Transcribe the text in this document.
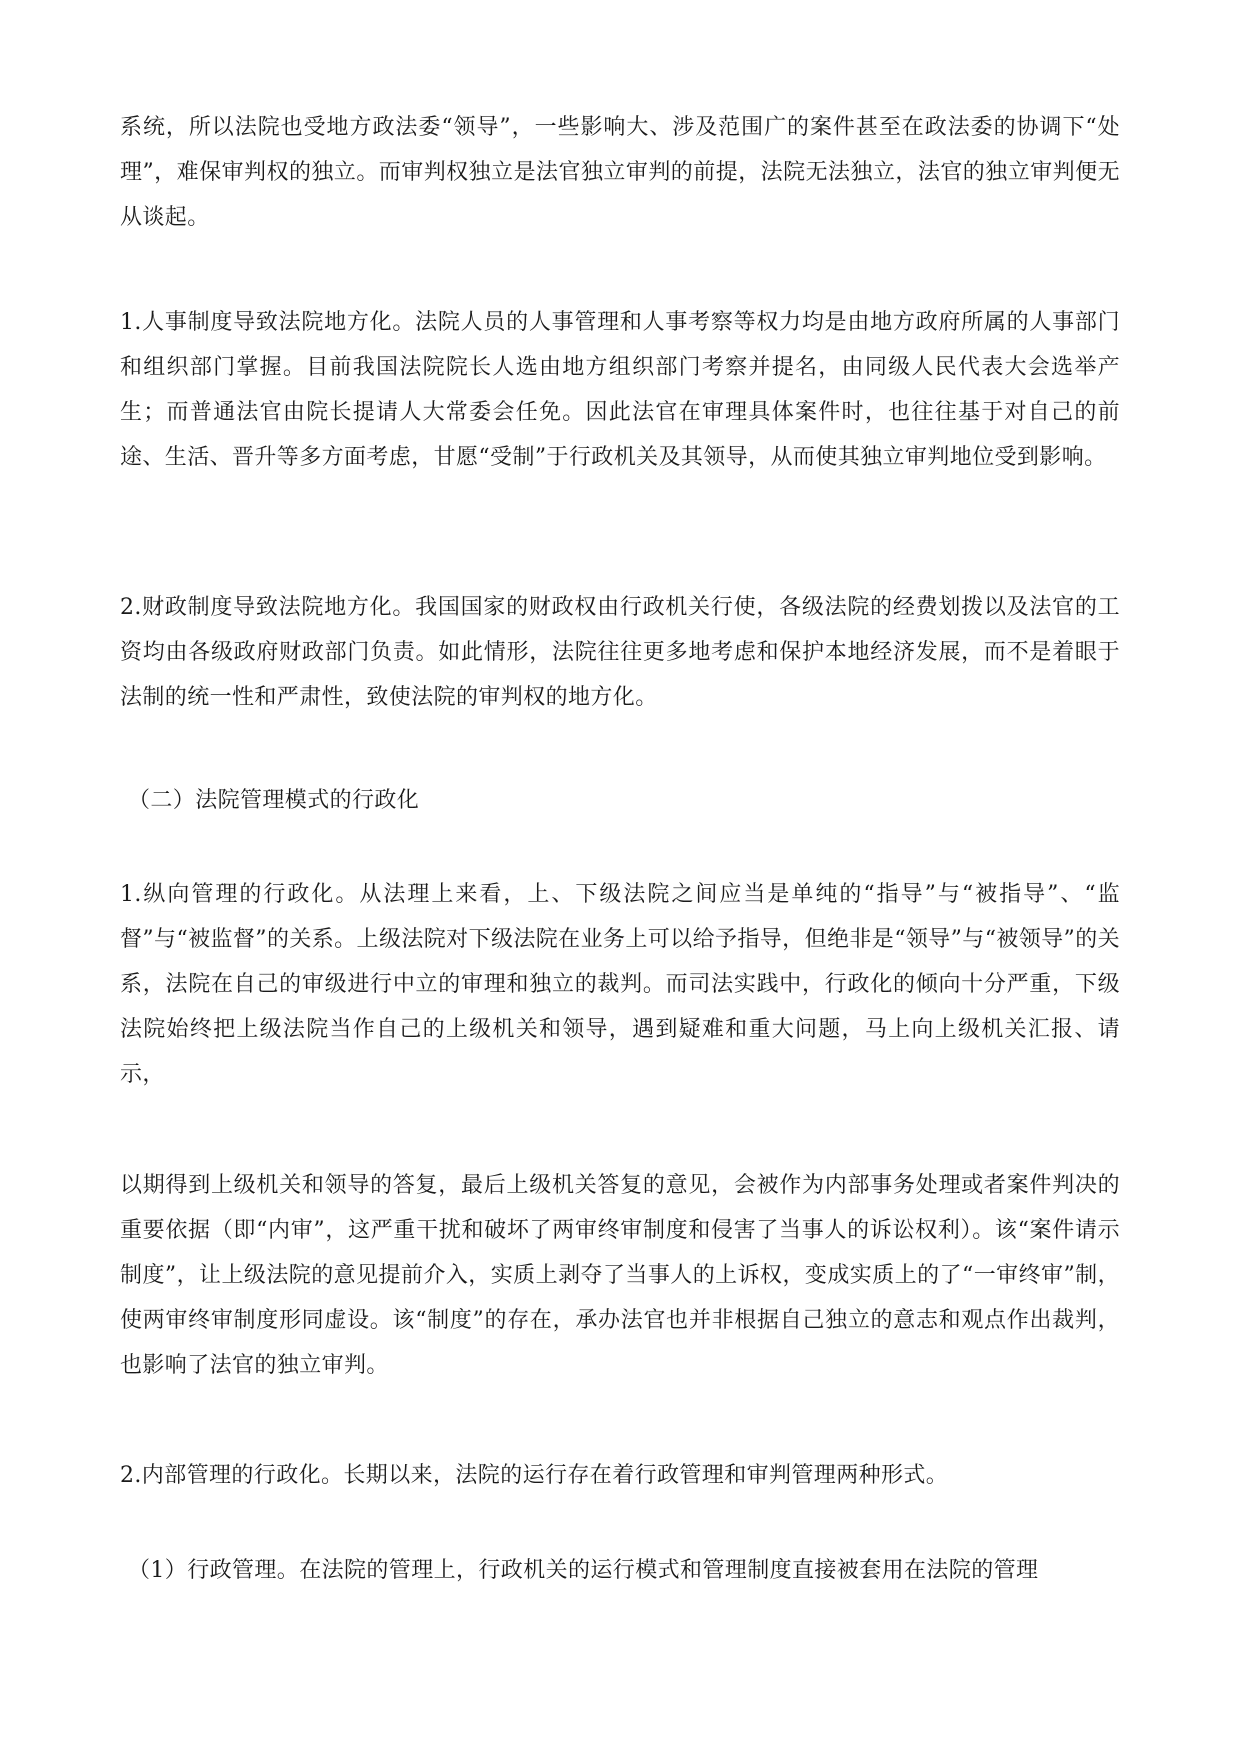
系统，所以法院也受地方政法委“领导”，一些影响大、涉及范围广的案件甚至在政法委的协调下“处理”，难保审判权的独立。而审判权独立是法官独立审判的前提，法院无法独立，法官的独立审判便无从谈起。

1.人事制度导致法院地方化。法院人员的人事管理和人事考察等权力均是由地方政府所属的人事部门和组织部门掌握。目前我国法院院长人选由地方组织部门考察并提名，由同级人民代表大会选举产生；而普通法官由院长提请人大常委会任免。因此法官在审理具体案件时，也往往基于对自己的前途、生活、晋升等多方面考虑，甘愿“受制”于行政机关及其领导，从而使其独立审判地位受到影响。

2.财政制度导致法院地方化。我国国家的财政权由行政机关行使，各级法院的经费划拨以及法官的工资均由各级政府财政部门负责。如此情形，法院往往更多地考虑和保护本地经济发展，而不是着眼于法制的统一性和严肃性，致使法院的审判权的地方化。

（二）法院管理模式的行政化

1.纵向管理的行政化。从法理上来看，上、下级法院之间应当是单纯的“指导”与“被指导”、“监督”与“被监督”的关系。上级法院对下级法院在业务上可以给予指导，但绝非是“领导”与“被领导”的关系，法院在自己的审级进行中立的审理和独立的裁判。而司法实践中，行政化的倾向十分严重，下级法院始终把上级法院当作自己的上级机关和领导，遇到疑难和重大问题，马上向上级机关汇报、请示，

以期得到上级机关和领导的答复，最后上级机关答复的意见，会被作为内部事务处理或者案件判决的重要依据（即“内审”，这严重干扰和破坏了两审终审制度和侵害了当事人的诉讼权利）。该“案件请示制度”，让上级法院的意见提前介入，实质上剥夺了当事人的上诉权，变成实质上的了“一审终审”制，使两审终审制度形同虚设。该“制度”的存在，承办法官也并非根据自己独立的意志和观点作出裁判，也影响了法官的独立审判。

2.内部管理的行政化。长期以来，法院的运行存在着行政管理和审判管理两种形式。

（1）行政管理。在法院的管理上，行政机关的运行模式和管理制度直接被套用在法院的管理
